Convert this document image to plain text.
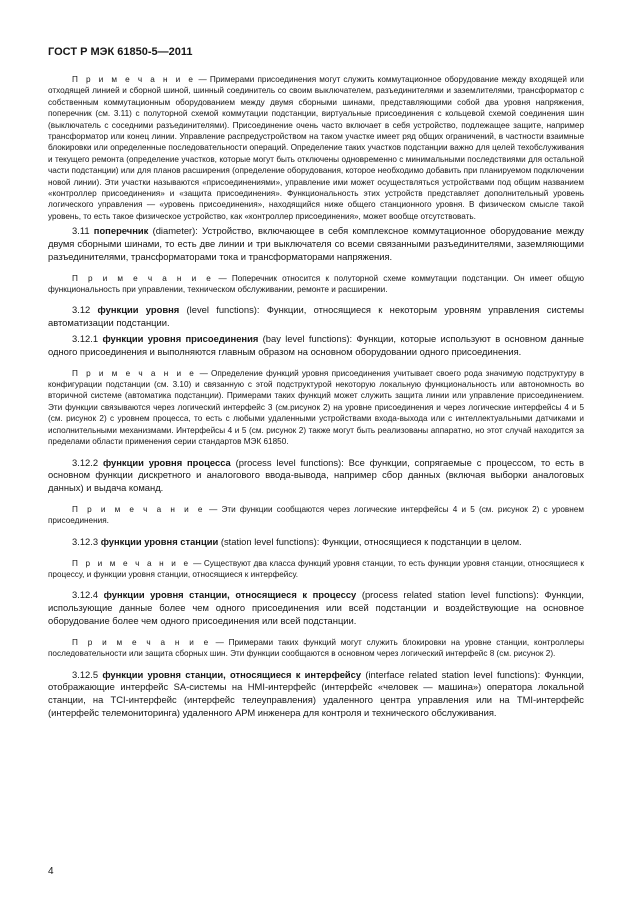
ГОСТ Р МЭК 61850-5—2011

П р и м е ч а н и е — Примерами присоединения могут служить коммутационное оборудование между входящей или отходящей линией и сборной шиной, шинный соединитель со своим выключателем, разъединителями и заземлителями, трансформатор с собственным коммутационным оборудованием между двумя сборными шинами, представляющими собой два уровня напряжения, поперечник (см. 3.11) с полуторной схемой коммутации подстанции, виртуальные присоединения с кольцевой схемой соединения шин (выключатель с соседними разъединителями). Присоединение очень часто включает в себя устройство, подлежащее защите, например трансформатор или конец линии. Управление распредустройством на таком участке имеет ряд общих ограничений, в частности взаимные блокировки или определенные последовательности операций. Определение таких участков подстанции важно для целей техобслуживания и текущего ремонта (определение участков, которые могут быть отключены одновременно с минимальными последствиями для остальной части подстанции) или для планов расширения (определение оборудования, которое необходимо добавить при планируемом подключении новой линии). Эти участки называются «присоединениями», управление ими может осуществляться устройствами под общим названием «контроллер присоединения» и «защита присоединения». Функциональность этих устройств представляет дополнительный уровень логического управления — «уровень присоединения», находящийся ниже общего станционного уровня. В физическом смысле такой уровень, то есть такое физическое устройство, как «контроллер присоединения», может вообще отсутствовать.

3.11 поперечник (diameter): Устройство, включающее в себя комплексное коммутационное оборудование между двумя сборными шинами, то есть две линии и три выключателя со всеми связанными разъединителями, заземляющими разъединителями, трансформаторами тока и трансформаторами напряжения.

П р и м е ч а н и е — Поперечник относится к полуторной схеме коммутации подстанции. Он имеет общую функциональность при управлении, техническом обслуживании, ремонте и расширении.

3.12 функции уровня (level functions): Функции, относящиеся к некоторым уровням управления системы автоматизации подстанции.

3.12.1 функции уровня присоединения (bay level functions): Функции, которые используют в основном данные одного присоединения и выполняются главным образом на основном оборудовании одного присоединения.

П р и м е ч а н и е — Определение функций уровня присоединения учитывает своего рода значимую подструктуру в конфигурации подстанции (см. 3.10) и связанную с этой подструктурой некоторую локальную функциональность или автономность во вторичной системе (автоматика подстанции). Примерами таких функций может служить защита линии или управление присоединением. Эти функции связываются через логический интерфейс 3 (см.рисунок 2) на уровне присоединения и через логические интерфейсы 4 и 5 (см. рисунок 2) с уровнем процесса, то есть с любыми удаленными устройствами входа-выхода или с интеллектуальными датчиками и исполнительными механизмами. Интерфейсы 4 и 5 (см. рисунок 2) также могут быть реализованы аппаратно, но этот случай находится за пределами области применения серии стандартов МЭК 61850.

3.12.2 функции уровня процесса (process level functions): Все функции, сопрягаемые с процессом, то есть в основном функции дискретного и аналогового ввода-вывода, например сбор данных (включая выборки аналоговых данных) и выдача команд.

П р и м е ч а н и е — Эти функции сообщаются через логические интерфейсы 4 и 5 (см. рисунок 2) с уровнем присоединения.

3.12.3 функции уровня станции (station level functions): Функции, относящиеся к подстанции в целом.

П р и м е ч а н и е — Существуют два класса функций уровня станции, то есть функции уровня станции, относящиеся к процессу, и функции уровня станции, относящиеся к интерфейсу.

3.12.4 функции уровня станции, относящиеся к процессу (process related station level functions): Функции, использующие данные более чем одного присоединения или всей подстанции и воздействующие на основное оборудование более чем одного присоединения или всей подстанции.

П р и м е ч а н и е — Примерами таких функций могут служить блокировки на уровне станции, контроллеры последовательности или защита сборных шин. Эти функции сообщаются в основном через логический интерфейс 8 (см. рисунок 2).

3.12.5 функции уровня станции, относящиеся к интерфейсу (interface related station level functions): Функции, отображающие интерфейс SA-системы на HMI-интерфейс (интерфейс «человек — машина») оператора локальной станции, на TCI-интерфейс (интерфейс телеуправления) удаленного центра управления или на TMI-интерфейс (интерфейс телемониторинга) удаленного АРМ инженера для контроля и технического обслуживания.

4
